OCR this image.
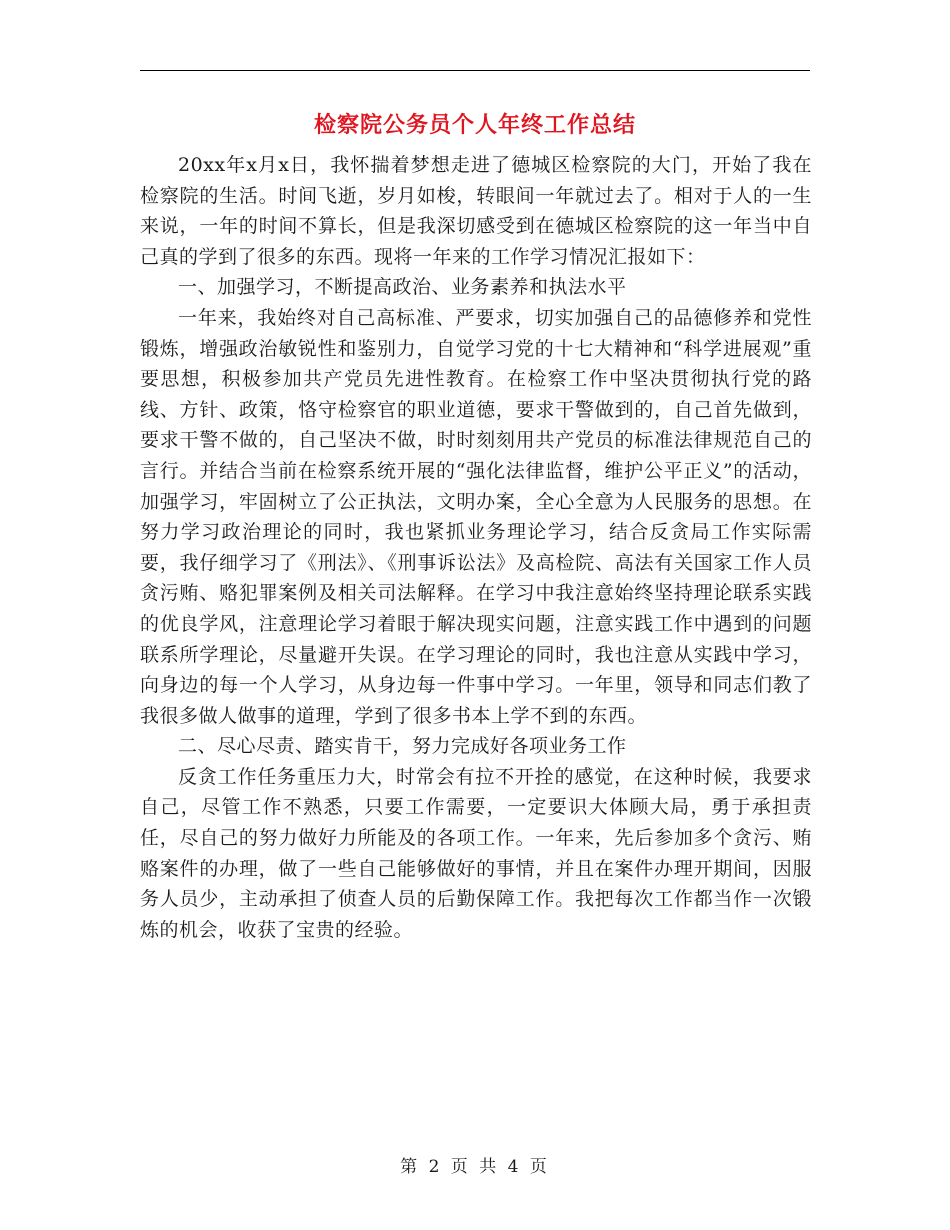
检察院公务员个人年终工作总结

20xx年x月x日，我怀揣着梦想走进了德城区检察院的大门，开始了我在检察院的生活。时间飞逝，岁月如梭，转眼间一年就过去了。相对于人的一生来说，一年的时间不算长，但是我深切感受到在德城区检察院的这一年当中自己真的学到了很多的东西。现将一年来的工作学习情况汇报如下：

一、加强学习，不断提高政治、业务素养和执法水平

一年来，我始终对自己高标准、严要求，切实加强自己的品德修养和党性锻炼，增强政治敏锐性和鉴别力，自觉学习党的十七大精神和“科学进展观”重要思想，积极参加共产党员先进性教育。在检察工作中坚决贯彻执行党的路线、方针、政策，恪守检察官的职业道德，要求干警做到的，自己首先做到，要求干警不做的，自己坚决不做，时时刻刻用共产党员的标准法律规范自己的言行。并结合当前在检察系统开展的“强化法律监督，维护公平正义”的活动，加强学习，牢固树立了公正执法，文明办案，全心全意为人民服务的思想。在努力学习政治理论的同时，我也紧抓业务理论学习，结合反贪局工作实际需要，我仔细学习了《刑法》、《刑事诉讼法》及高检院、高法有关国家工作人员贪污贿、赂犯罪案例及相关司法解释。在学习中我注意始终坚持理论联系实践的优良学风，注意理论学习着眼于解决现实问题，注意实践工作中遇到的问题联系所学理论，尽量避开失误。在学习理论的同时，我也注意从实践中学习，向身边的每一个人学习，从身边每一件事中学习。一年里，领导和同志们教了我很多做人做事的道理，学到了很多书本上学不到的东西。

二、尽心尽责、踏实肯干，努力完成好各项业务工作

反贪工作任务重压力大，时常会有拉不开拴的感觉，在这种时候，我要求自己，尽管工作不熟悉，只要工作需要，一定要识大体顾大局，勇于承担责任，尽自己的努力做好力所能及的各项工作。一年来，先后参加多个贪污、贿赂案件的办理，做了一些自己能够做好的事情，并且在案件办理开期间，因服务人员少，主动承担了侦查人员的后勤保障工作。我把每次工作都当作一次锻炼的机会，收获了宝贵的经验。

第 2 页 共 4 页
